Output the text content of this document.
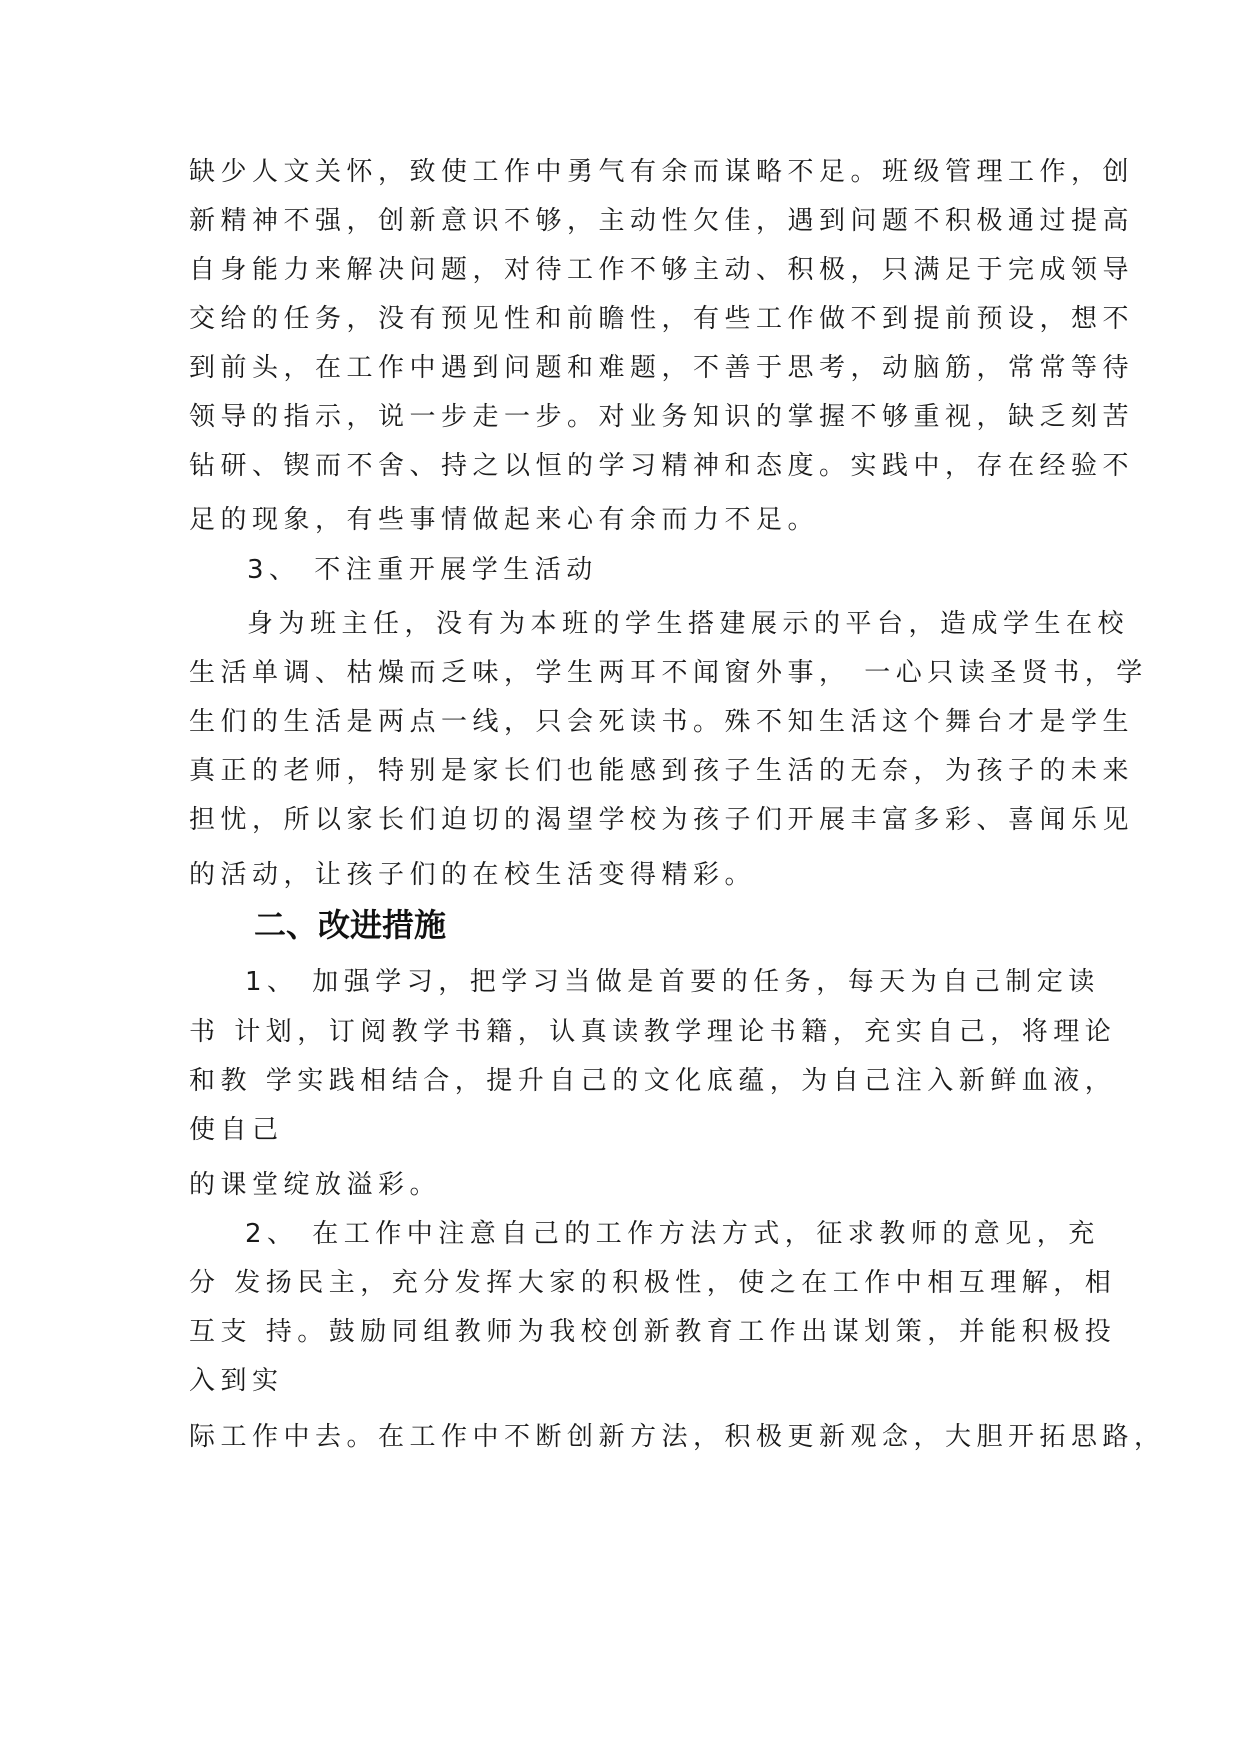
缺少人文关怀，致使工作中勇气有余而谋略不足。班级管理工作，创
新精神不强，创新意识不够，主动性欠佳，遇到问题不积极通过提高
自身能力来解决问题，对待工作不够主动、积极，只满足于完成领导
交给的任务，没有预见性和前瞻性，有些工作做不到提前预设，想不
到前头，在工作中遇到问题和难题，不善于思考，动脑筋，常常等待
领导的指示，说一步走一步。对业务知识的掌握不够重视，缺乏刻苦
钻研、锲而不舍、持之以恒的学习精神和态度。实践中，存在经验不
足的现象，有些事情做起来心有余而力不足。
3、 不注重开展学生活动
身为班主任，没有为本班的学生搭建展示的平台，造成学生在校
生活单调、枯燥而乏味，学生两耳不闻窗外事， 一心只读圣贤书，学
生们的生活是两点一线，只会死读书。殊不知生活这个舞台才是学生
真正的老师，特别是家长们也能感到孩子生活的无奈，为孩子的未来
担忧，所以家长们迫切的渴望学校为孩子们开展丰富多彩、喜闻乐见
的活动，让孩子们的在校生活变得精彩。
二、改进措施
1、 加强学习，把学习当做是首要的任务，每天为自己制定读
书 计划，订阅教学书籍，认真读教学理论书籍，充实自己，将理论
和教 学实践相结合，提升自己的文化底蕴，为自己注入新鲜血液，
使自己
的课堂绽放溢彩。
2、 在工作中注意自己的工作方法方式，征求教师的意见，充
分 发扬民主，充分发挥大家的积极性，使之在工作中相互理解，相
互支 持。鼓励同组教师为我校创新教育工作出谋划策，并能积极投
入到实
际工作中去。在工作中不断创新方法，积极更新观念，大胆开拓思路，
